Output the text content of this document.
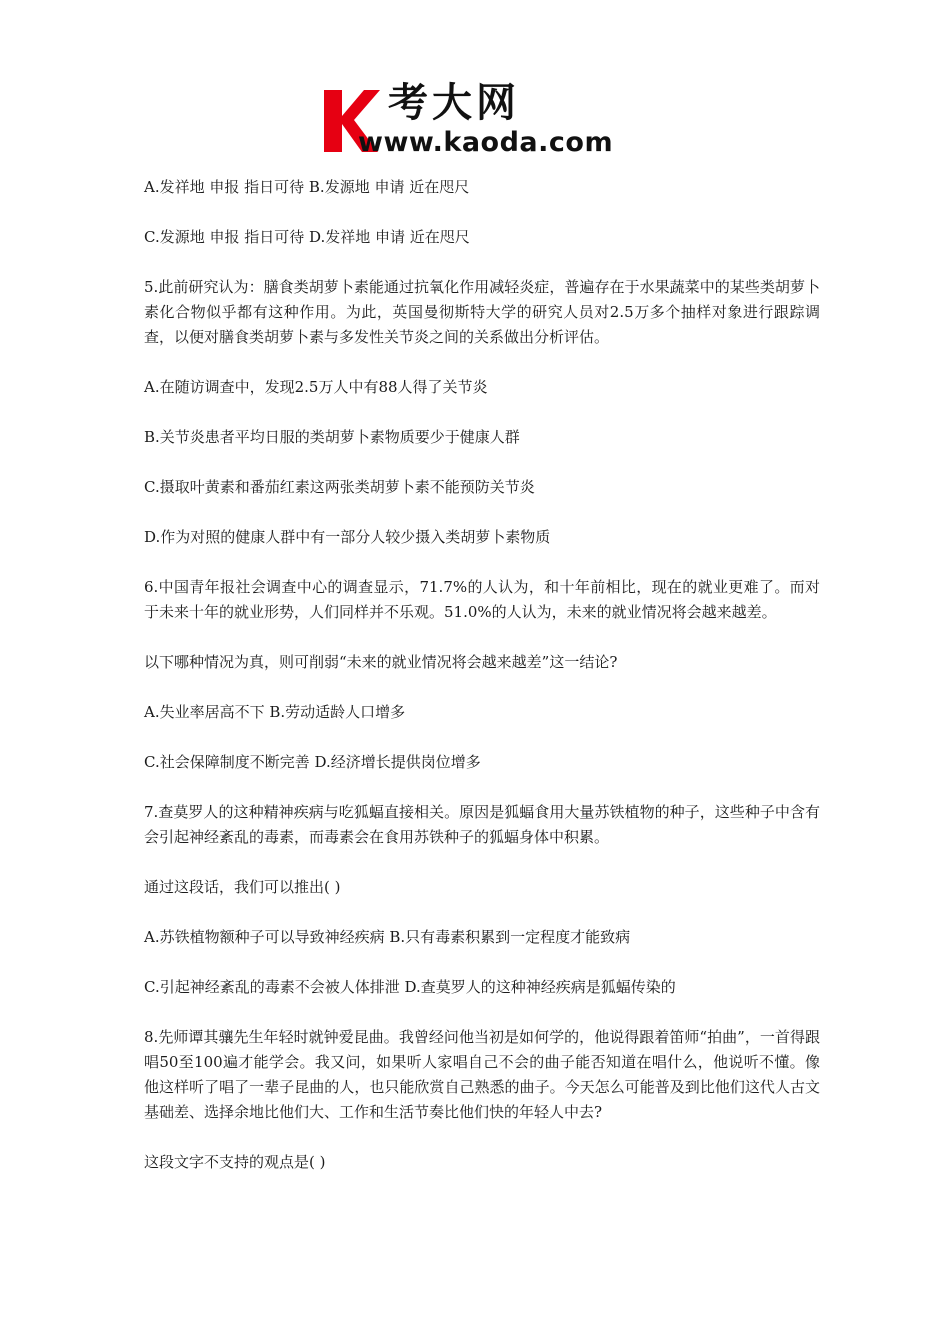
考大网
www.kaoda.com

A.发祥地 申报 指日可待 B.发源地 申请 近在咫尺

C.发源地 申报 指日可待 D.发祥地 申请 近在咫尺

5.此前研究认为：膳食类胡萝卜素能通过抗氧化作用减轻炎症，普遍存在于水果蔬菜中的某些类胡萝卜素化合物似乎都有这种作用。为此，英国曼彻斯特大学的研究人员对2.5万多个抽样对象进行跟踪调查，以便对膳食类胡萝卜素与多发性关节炎之间的关系做出分析评估。

A.在随访调查中，发现2.5万人中有88人得了关节炎

B.关节炎患者平均日服的类胡萝卜素物质要少于健康人群

C.摄取叶黄素和番茄红素这两张类胡萝卜素不能预防关节炎

D.作为对照的健康人群中有一部分人较少摄入类胡萝卜素物质

6.中国青年报社会调查中心的调查显示，71.7%的人认为，和十年前相比，现在的就业更难了。而对于未来十年的就业形势，人们同样并不乐观。51.0%的人认为，未来的就业情况将会越来越差。

以下哪种情况为真，则可削弱“未来的就业情况将会越来越差”这一结论?

A.失业率居高不下 B.劳动适龄人口增多

C.社会保障制度不断完善 D.经济增长提供岗位增多

7.查莫罗人的这种精神疾病与吃狐蝠直接相关。原因是狐蝠食用大量苏铁植物的种子，这些种子中含有会引起神经紊乱的毒素，而毒素会在食用苏铁种子的狐蝠身体中积累。

通过这段话，我们可以推出( )

A.苏铁植物额种子可以导致神经疾病 B.只有毒素积累到一定程度才能致病

C.引起神经紊乱的毒素不会被人体排泄 D.查莫罗人的这种神经疾病是狐蝠传染的

8.先师谭其骧先生年轻时就钟爱昆曲。我曾经问他当初是如何学的，他说得跟着笛师“拍曲”，一首得跟唱50至100遍才能学会。我又问，如果听人家唱自己不会的曲子能否知道在唱什么，他说听不懂。像他这样听了唱了一辈子昆曲的人，也只能欣赏自己熟悉的曲子。今天怎么可能普及到比他们这代人古文基础差、选择余地比他们大、工作和生活节奏比他们快的年轻人中去?

这段文字不支持的观点是( )
